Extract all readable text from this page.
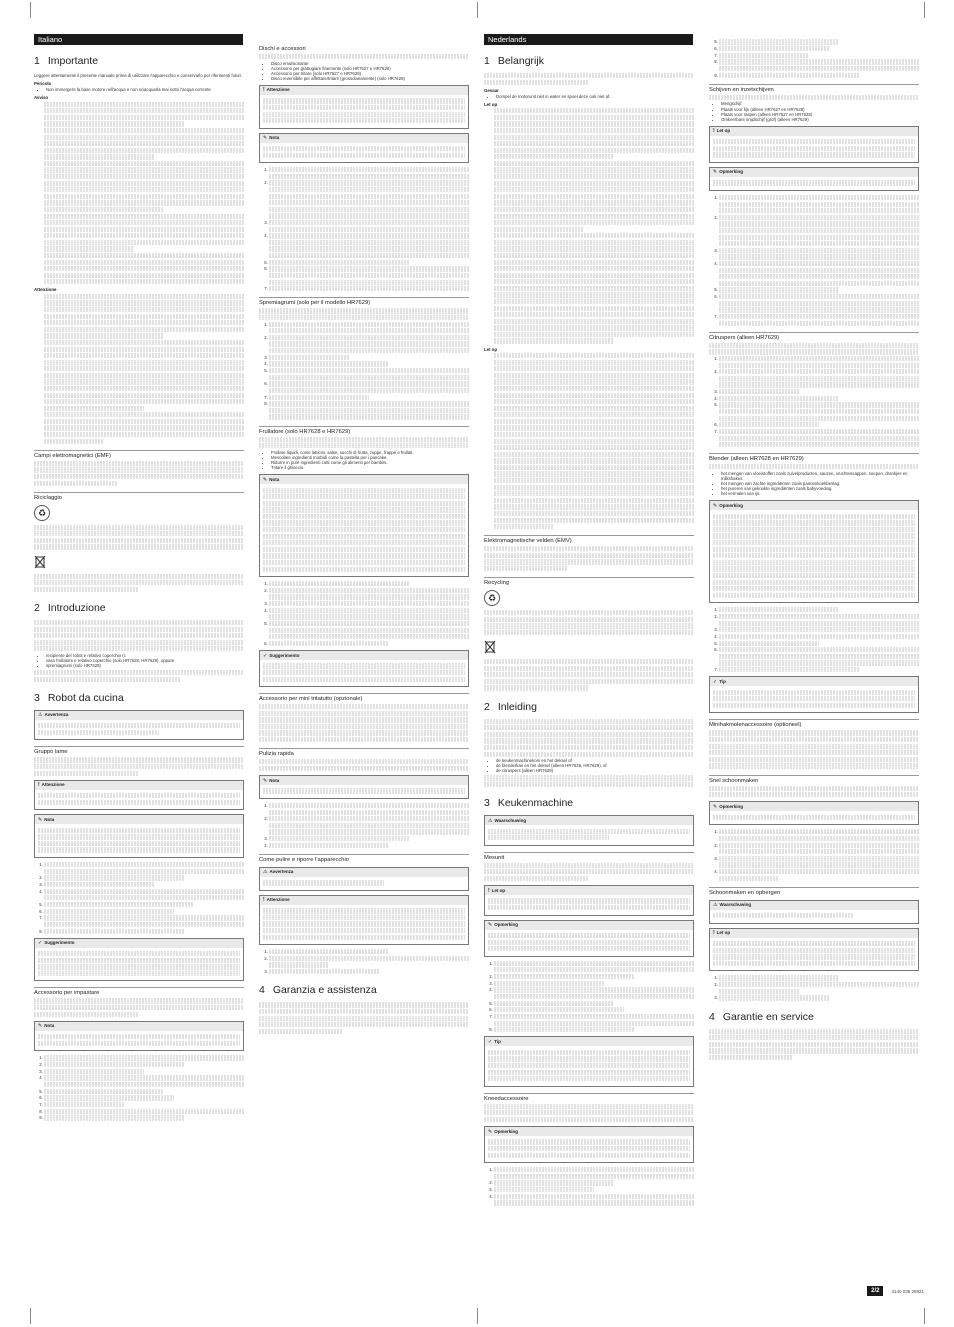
Italiano
1 Importante

Leggere attentamente il presente manuale prima di utilizzare l'apparecchio e conservarlo per riferimenti futuri.

Pericolo
• Non immergere la base motore nell'acqua e non sciacquarla mai sotto l'acqua corrente.
Avviso
Attenzione
Campi elettromagnetici (EMF)
Riciclaggio
♻
2 Introduzione
• recipiente del robot e relativo coperchio (c
• vaso frullatore e relativo coperchio (solo HR7628, HR7629), oppure
• spremiagrumi (solo HR7629)
3 Robot da cucina
⚠ Avvertenza
Gruppo lame
! Attenzione
✎ Nota
1.
2.
3.
4.
5.
6.
7.
8.
✓ Suggerimento
Accessorio per impastare
✎ Nota
1.
2.
3.
4.
5.
6.
7.
8.
9.
Dischi e accessori
• Disco emulsionante
• Accessorio per grattugiare finemente (solo HR7627 e HR7628)
• Accessorio per tritare (solo HR7627 e HR7628)
• Disco reversibile per affettare/tritare (grossolanamente) (solo HR7629)
! Attenzione
✎ Nota
1.
2.
3.
4.
5.
6.
7.
Spremiagrumi (solo per il modello HR7629)
1.
2.
3.
4.
5.
6.
7.
8.
Frullatore (solo HR7628 e HR7629)
• Frullare liquidi, come latticini, salse, succhi di frutta, zuppe, frappè e frullati.
• Mescolare ingredienti morbidi come la pastella per i pancake.
• Ridurre in purè ingredienti cotti come gli alimenti per bambini.
• Tritare il ghiaccio.
✎ Nota
1.
2.
3.
4.
5.
6.
✓ Suggerimento
Accessorio per mini tritatutto (opzionale)
Pulizia rapida
✎ Nota
1.
2.
3.
4.
Come pulire e riporre l'apparecchio
⚠ Avvertenza
! Attenzione
1.
2.
3.
4 Garanzia e assistenza
Nederlands
1 Belangrijk
Gevaar
• Dompel de motorunit niet in water en spoel deze ook niet af.
Let op
Let op
Elektromagnetische velden (EMV)
Recycling
♻
2 Inleiding
• de keukenmachinekom en het deksel of
• de blenderkan en het deksel (alleen HR7628, HR7629), of
• de citruspers (alleen HR7629)
3 Keukenmachine
⚠ Waarschuwing
Mesunit
! Let op
✎ Opmerking
1.
2.
3.
4.
5.
6.
7.
8.
✓ Tip
Kneedaccessoire
✎ Opmerking
1.
2.
3.
4.
5.
6.
7.
8.
9.
Schijven en inzetschijven
• Mengschijf
• Plaats voor fijn (alleen HR7627 en HR7628)
• Plaats voor raspen (alleen HR7627 en HR7628)
• Omkeerbare snijdschijf (grof) (alleen HR7629)
! Let op
✎ Opmerking
1.
2.
3.
4.
5.
6.
7.
Citruspers (alleen HR7629)
1.
2.
3.
4.
5.
6.
7.
Blender (alleen HR7628 en HR7629)
• het mengen van vloeistoffen zoals zuivelproducten, sauzen, vruchtensappen, soepen, drankjes en milkshakes.
• het mengen van zachte ingrediënten zoals pannenkoekbeslag.
• het pureren van gekookte ingrediënten zoals babyvoeding.
• het vermalen van ijs.
✎ Opmerking
1.
2.
3.
4.
5.
6.
7.
✓ Tip
Minihakmolenaccessoire (optioneel)
Snel schoonmaken
✎ Opmerking
1.
2.
3.
4.
Schoonmaken en opbergen
⚠ Waarschuwing
! Let op
1.
2.
3.
4 Garantie en service
2/2	3140 035 28921
